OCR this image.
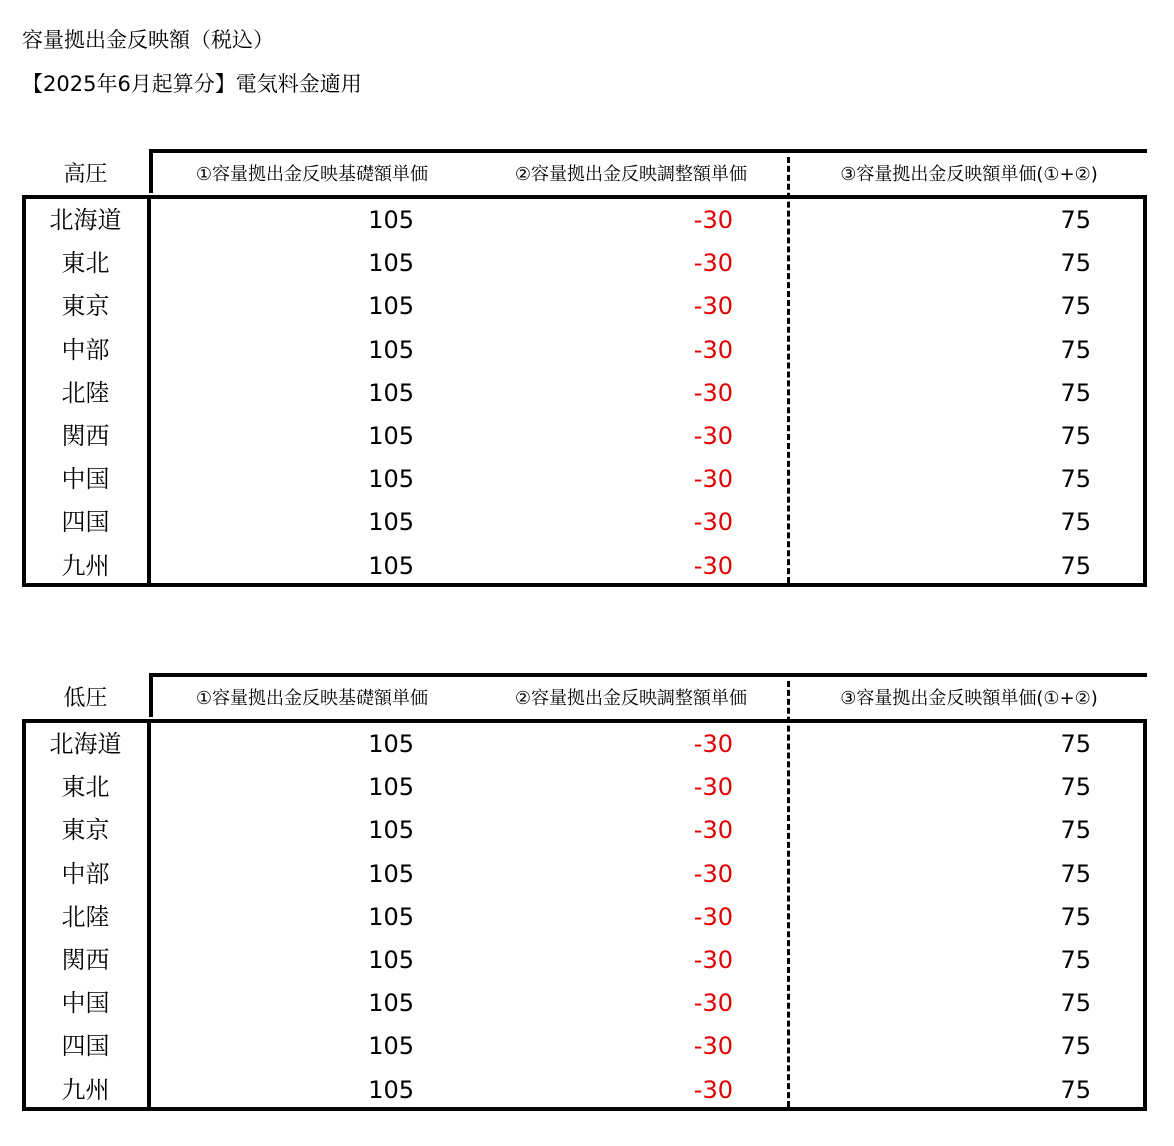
容量拠出金反映額（税込）
【2025年6月起算分】電気料金適用
高圧	①容量拠出金反映基礎額単価	②容量拠出金反映調整額単価	③容量拠出金反映額単価(①+②)
北海道	105	-30	75
東北	105	-30	75
東京	105	-30	75
中部	105	-30	75
北陸	105	-30	75
関西	105	-30	75
中国	105	-30	75
四国	105	-30	75
九州	105	-30	75
低圧	①容量拠出金反映基礎額単価	②容量拠出金反映調整額単価	③容量拠出金反映額単価(①+②)
北海道	105	-30	75
東北	105	-30	75
東京	105	-30	75
中部	105	-30	75
北陸	105	-30	75
関西	105	-30	75
中国	105	-30	75
四国	105	-30	75
九州	105	-30	75
